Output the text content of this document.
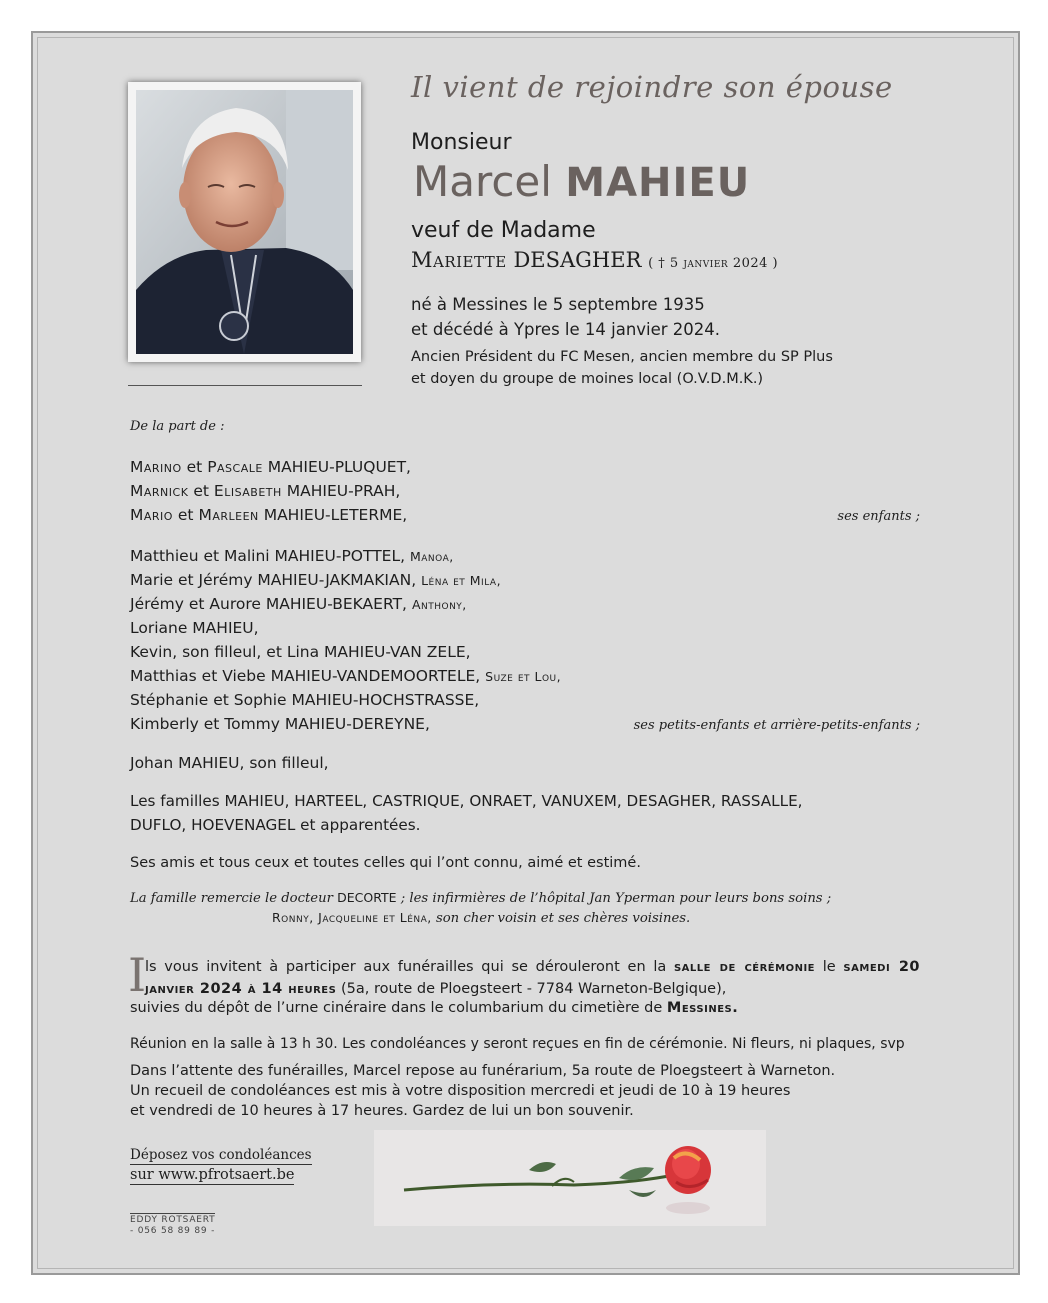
Il vient de rejoindre son épouse
Monsieur
Marcel MAHIEU
veuf de Madame
Mariette DESAGHER ( † 5 janvier 2024 )
né à Messines le 5 septembre 1935
et décédé à Ypres le 14 janvier 2024.
Ancien Président du FC Mesen, ancien membre du SP Plus
et doyen du groupe de moines local (O.V.D.M.K.)
De la part de :
Marino et Pascale MAHIEU-PLUQUET,
Marnick et Elisabeth MAHIEU-PRAH,
Mario et Marleen MAHIEU-LETERME,	ses enfants ;
Matthieu et Malini MAHIEU-POTTEL, Manoa,
Marie et Jérémy MAHIEU-JAKMAKIAN, Léna et Mila,
Jérémy et Aurore MAHIEU-BEKAERT, Anthony,
Loriane MAHIEU,
Kevin, son filleul, et Lina MAHIEU-VAN ZELE,
Matthias et Viebe MAHIEU-VANDEMOORTELE, Suze et Lou,
Stéphanie et Sophie MAHIEU-HOCHSTRASSE,
Kimberly et Tommy MAHIEU-DEREYNE,	ses petits-enfants et arrière-petits-enfants ;
Johan MAHIEU, son filleul,
Les familles MAHIEU, HARTEEL, CASTRIQUE, ONRAET, VANUXEM, DESAGHER, RASSALLE,
DUFLO, HOEVENAGEL et apparentées.
Ses amis et tous ceux et toutes celles qui l’ont connu, aimé et estimé.
La famille remercie le docteur DECORTE ; les infirmières de l’hôpital Jan Yperman pour leurs bons soins ;
Ronny, Jacqueline et Léna, son cher voisin et ses chères voisines.
I
ls vous invitent à participer aux funérailles qui se dérouleront en la salle de cérémonie le samedi 20 janvier 2024 à 14 heures (5a, route de Ploegsteert - 7784 Warneton-Belgique),
suivies du dépôt de l’urne cinéraire dans le columbarium du cimetière de Messines.
Réunion en la salle à 13 h 30. Les condoléances y seront reçues en fin de cérémonie. Ni fleurs, ni plaques, svp
Dans l’attente des funérailles, Marcel repose au funérarium, 5a route de Ploegsteert à Warneton.
Un recueil de condoléances est mis à votre disposition mercredi et jeudi de 10 à 19 heures
et vendredi de 10 heures à 17 heures. Gardez de lui un bon souvenir.
Déposez vos condoléances
sur www.pfrotsaert.be
EDDY ROTSAERT
- 056 58 89 89 -
